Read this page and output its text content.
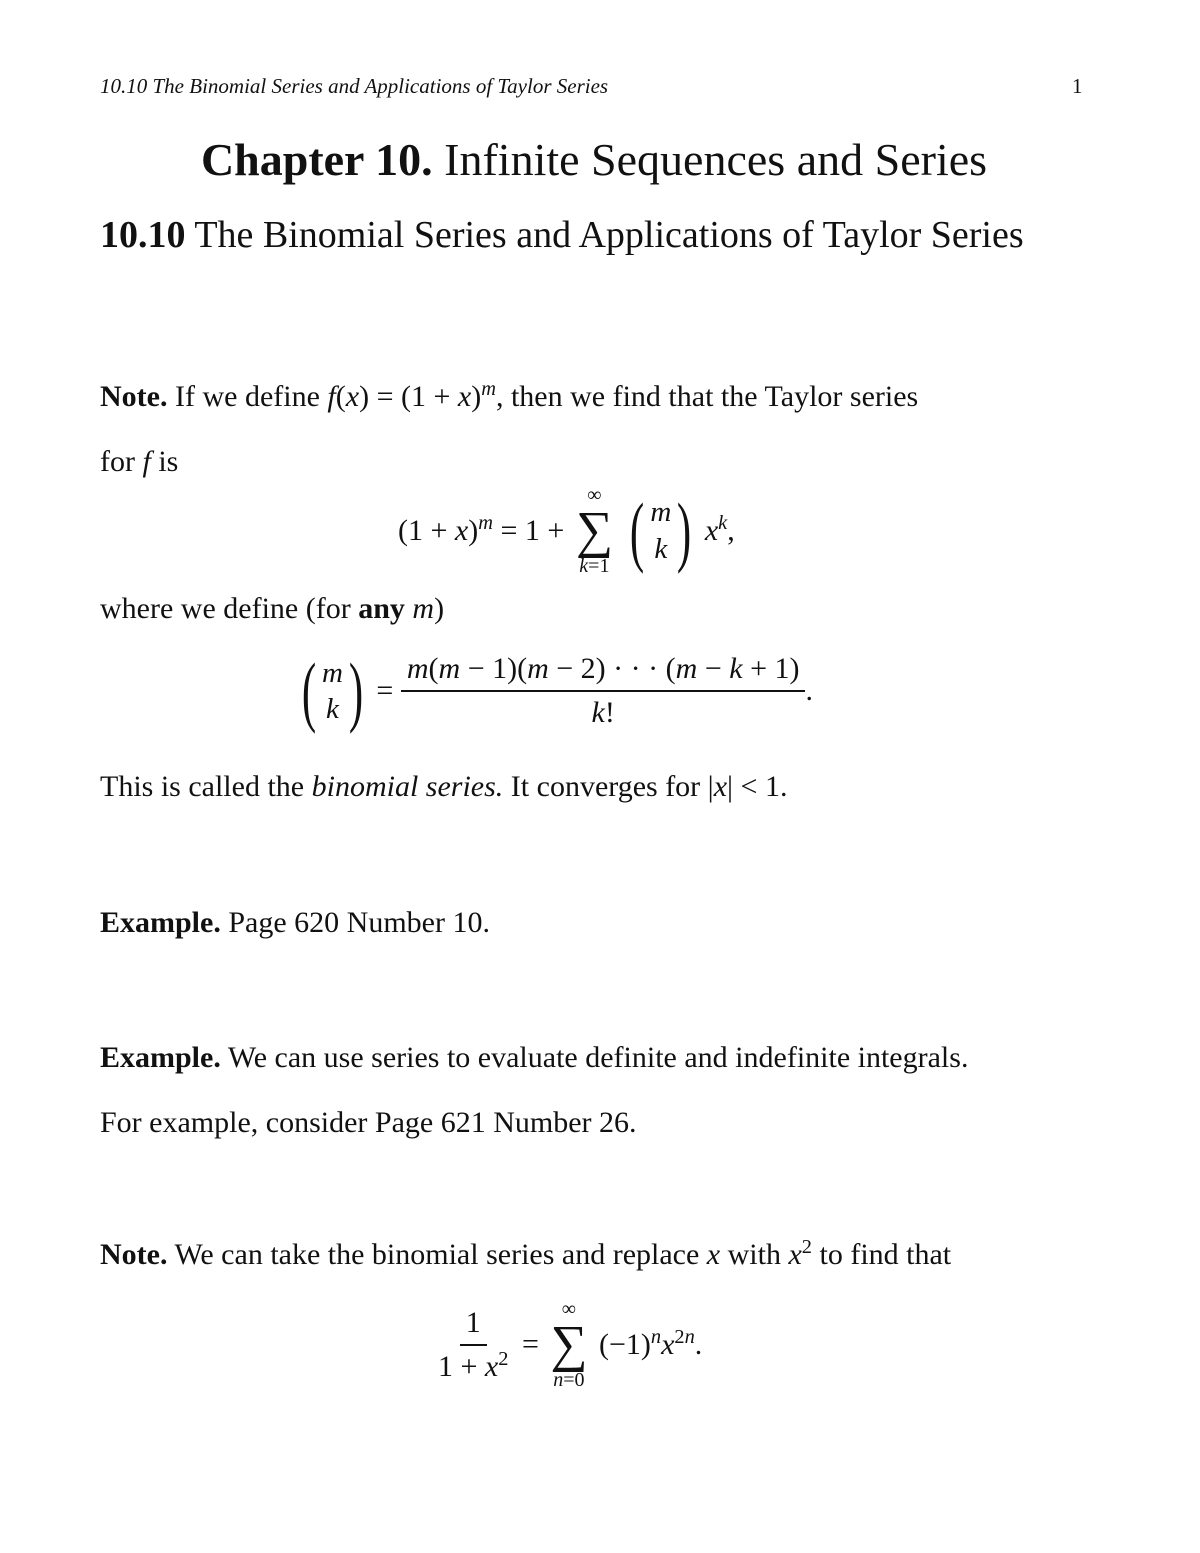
10.10 The Binomial Series and Applications of Taylor Series	1
Chapter 10. Infinite Sequences and Series
10.10 The Binomial Series and Applications of Taylor Series
Note. If we define $f(x) = (1 + x)^m$, then we find that the Taylor series
for f is
$(1 + x)^m = 1$ +
∞
∑
k=1
( m
k ) $x^k$,
where we define (for any m)
( m
k ) = $\frac{m(m - 1)(m - 2) \cdot \cdot \cdot (m - k + 1)}{k!}$ .
This is called the binomial series. It converges for |x| < 1.
Example. Page 620 Number 10.
Example. We can use series to evaluate definite and indefinite integrals.
For example, consider Page 621 Number 26.
Note. We can take the binomial series and replace x with $x^2$ to find that
$\frac{1}{1 + x^2}$ =
∞
∑
n=0
$(-1)^nx^{2n}$.
